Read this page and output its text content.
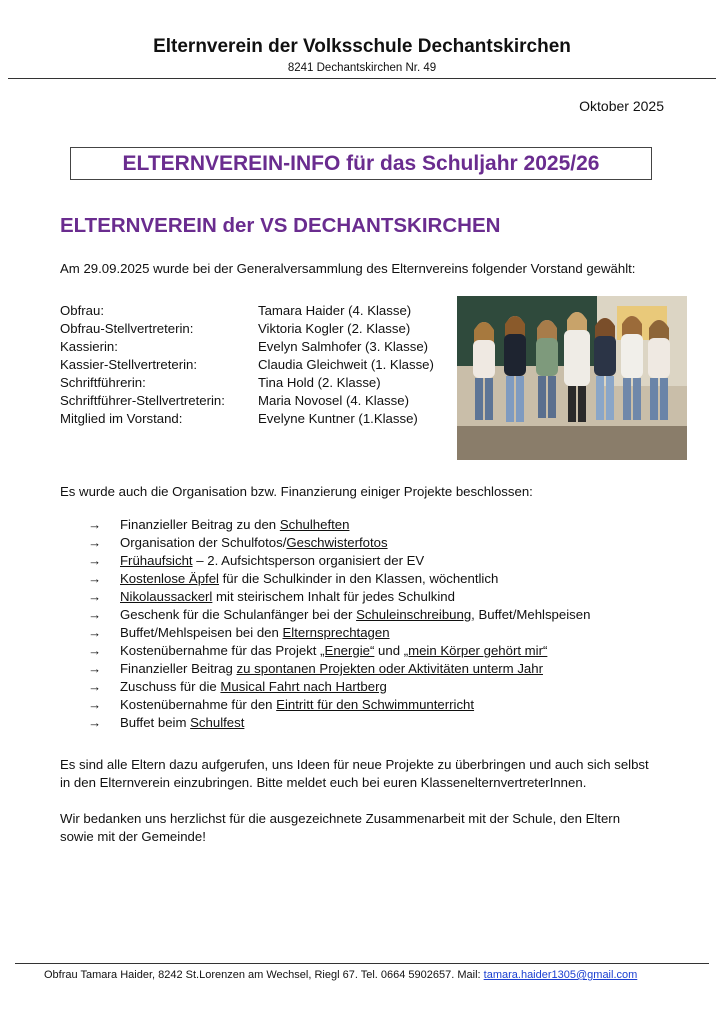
Elternverein der Volksschule Dechantskirchen
8241 Dechantskirchen Nr. 49
Oktober 2025
ELTERNVEREIN-INFO für das Schuljahr 2025/26
ELTERNVEREIN der VS DECHANTSKIRCHEN
Am 29.09.2025 wurde bei der Generalversammlung des Elternvereins folgender Vorstand gewählt:
Obfrau:	Tamara Haider (4. Klasse)
Obfrau-Stellvertreterin:	Viktoria Kogler (2. Klasse)
Kassierin:	Evelyn Salmhofer (3. Klasse)
Kassier-Stellvertreterin:	Claudia Gleichweit (1. Klasse)
Schriftführerin:	Tina Hold (2. Klasse)
Schriftführer-Stellvertreterin:	Maria Novosel (4. Klasse)
Mitglied im Vorstand:	Evelyne Kuntner (1.Klasse)
Es wurde auch die Organisation bzw. Finanzierung einiger Projekte beschlossen:
→	Finanzieller Beitrag zu den Schulheften
→	Organisation der Schulfotos/Geschwisterfotos
→	Frühaufsicht – 2. Aufsichtsperson organisiert der EV
→	Kostenlose Äpfel für die Schulkinder in den Klassen, wöchentlich
→	Nikolaussackerl mit steirischem Inhalt für jedes Schulkind
→	Geschenk für die Schulanfänger bei der Schuleinschreibung, Buffet/Mehlspeisen
→	Buffet/Mehlspeisen bei den Elternsprechtagen
→	Kostenübernahme für das Projekt „Energie“ und „mein Körper gehört mir“
→	Finanzieller Beitrag zu spontanen Projekten oder Aktivitäten unterm Jahr
→	Zuschuss für die Musical Fahrt nach Hartberg
→	Kostenübernahme für den Eintritt für den Schwimmunterricht
→	Buffet beim Schulfest
Es sind alle Eltern dazu aufgerufen, uns Ideen für neue Projekte zu überbringen und auch sich selbst
in den Elternverein einzubringen. Bitte meldet euch bei euren KlassenelternvertreterInnen.
Wir bedanken uns herzlichst für die ausgezeichnete Zusammenarbeit mit der Schule, den Eltern
sowie mit der Gemeinde!
Obfrau Tamara Haider, 8242 St.Lorenzen am Wechsel, Riegl 67. Tel. 0664 5902657. Mail: tamara.haider1305@gmail.com
